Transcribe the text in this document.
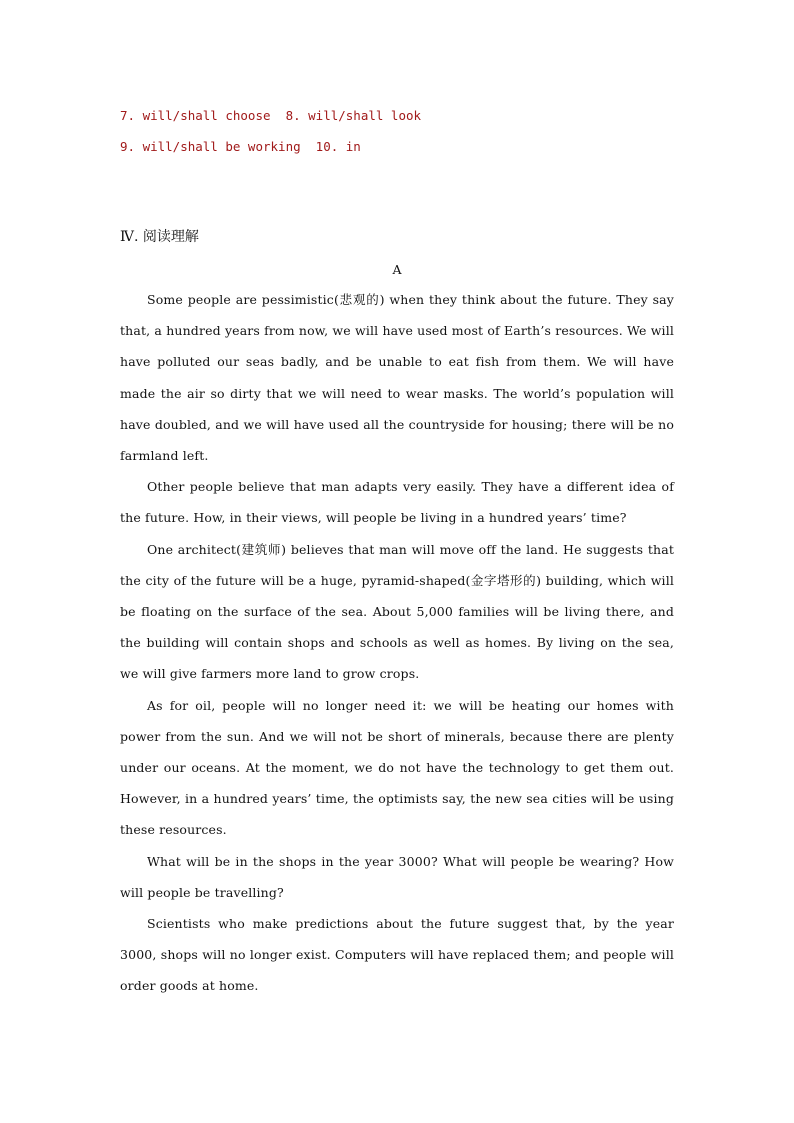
7. will/shall choose  8. will/shall look
9. will/shall be working  10. in
Ⅳ. 阅读理解
A

Some people are pessimistic(悲观的) when they think about the future. They say that, a hundred years from now, we will have used most of Earth’s resources. We will have polluted our seas badly, and be unable to eat fish from them. We will have made the air so dirty that we will need to wear masks. The world’s population will have doubled, and we will have used all the countryside for housing; there will be no farmland left.

Other people believe that man adapts very easily. They have a different idea of the future. How, in their views, will people be living in a hundred years’ time?

One architect(建筑师) believes that man will move off the land. He suggests that the city of the future will be a huge, pyramid-shaped(金字塔形的) building, which will be floating on the surface of the sea. About 5,000 families will be living there, and the building will contain shops and schools as well as homes. By living on the sea, we will give farmers more land to grow crops.

As for oil, people will no longer need it: we will be heating our homes with power from the sun. And we will not be short of minerals, because there are plenty under our oceans. At the moment, we do not have the technology to get them out. However, in a hundred years’ time, the optimists say, the new sea cities will be using these resources.

What will be in the shops in the year 3000? What will people be wearing? How will people be travelling?

Scientists who make predictions about the future suggest that, by the year 3000, shops will no longer exist. Computers will have replaced them; and people will order goods at home.
